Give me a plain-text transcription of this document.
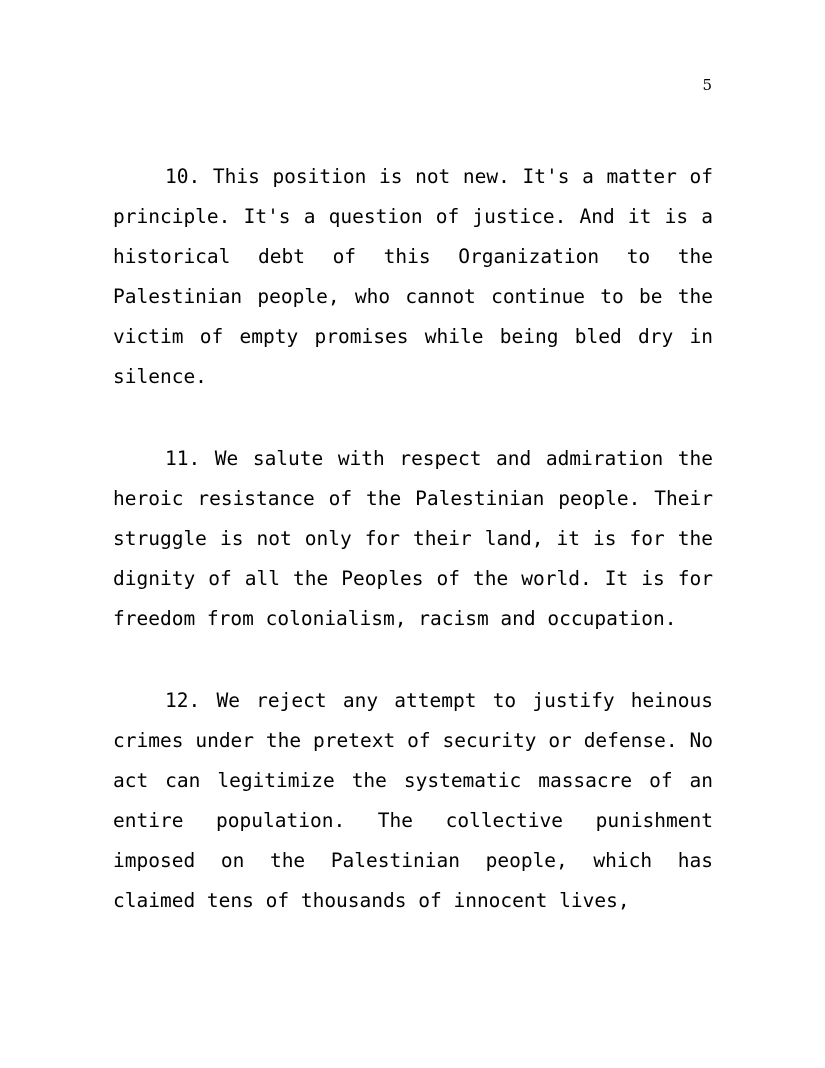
5

10. This position is not new. It's a matter of principle. It's a question of justice. And it is a historical debt of this Organization to the Palestinian people, who cannot continue to be the victim of empty promises while being bled dry in silence.

11. We salute with respect and admiration the heroic resistance of the Palestinian people. Their struggle is not only for their land, it is for the dignity of all the Peoples of the world. It is for freedom from colonialism, racism and occupation.

12. We reject any attempt to justify heinous crimes under the pretext of security or defense. No act can legitimize the systematic massacre of an entire population. The collective punishment imposed on the Palestinian people, which has claimed tens of thousands of innocent lives,
